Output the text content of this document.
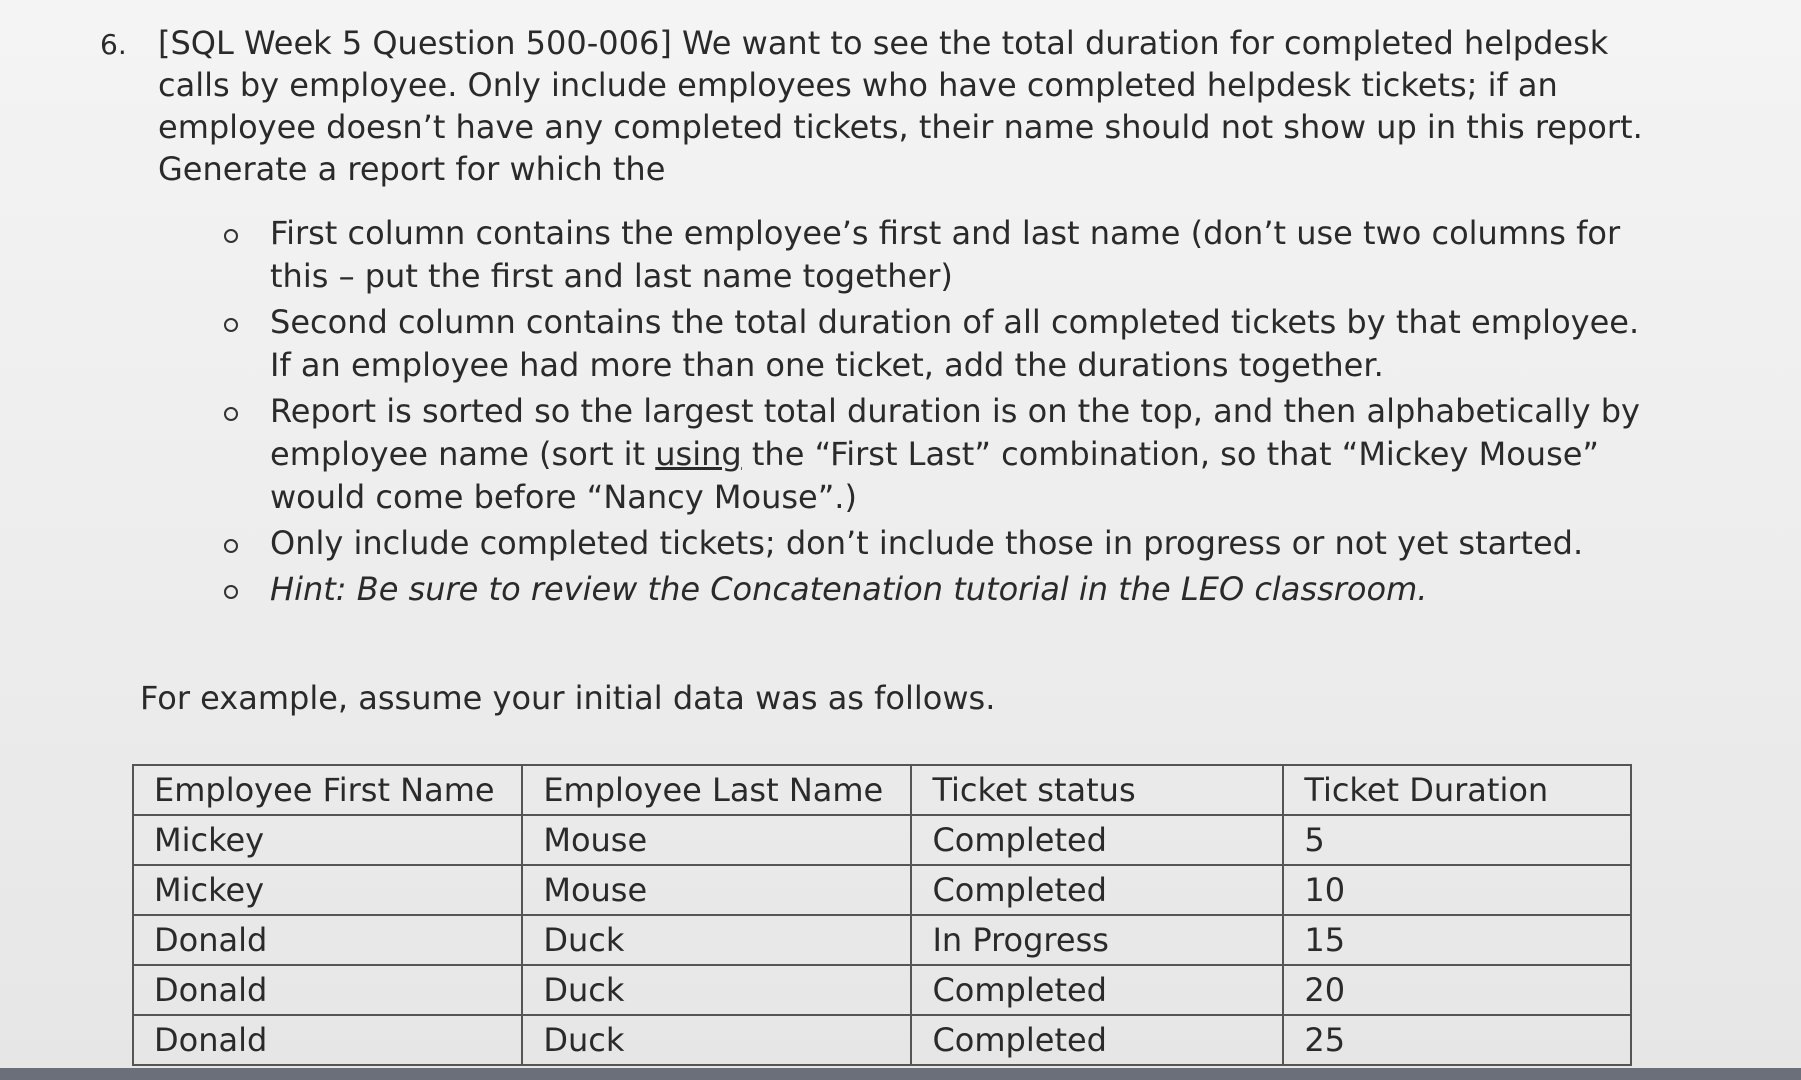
6. [SQL Week 5 Question 500-006] We want to see the total duration for completed helpdesk calls by employee. Only include employees who have completed helpdesk tickets; if an employee doesn’t have any completed tickets, their name should not show up in this report. Generate a report for which the

First column contains the employee’s first and last name (don’t use two columns for this – put the first and last name together)
Second column contains the total duration of all completed tickets by that employee. If an employee had more than one ticket, add the durations together.
Report is sorted so the largest total duration is on the top, and then alphabetically by employee name (sort it using the “First Last” combination, so that “Mickey Mouse” would come before “Nancy Mouse”.)
Only include completed tickets; don’t include those in progress or not yet started.
Hint: Be sure to review the Concatenation tutorial in the LEO classroom.

For example, assume your initial data was as follows.

Employee First Name	Employee Last Name	Ticket status	Ticket Duration
Mickey	Mouse	Completed	5
Mickey	Mouse	Completed	10
Donald	Duck	In Progress	15
Donald	Duck	Completed	20
Donald	Duck	Completed	25
